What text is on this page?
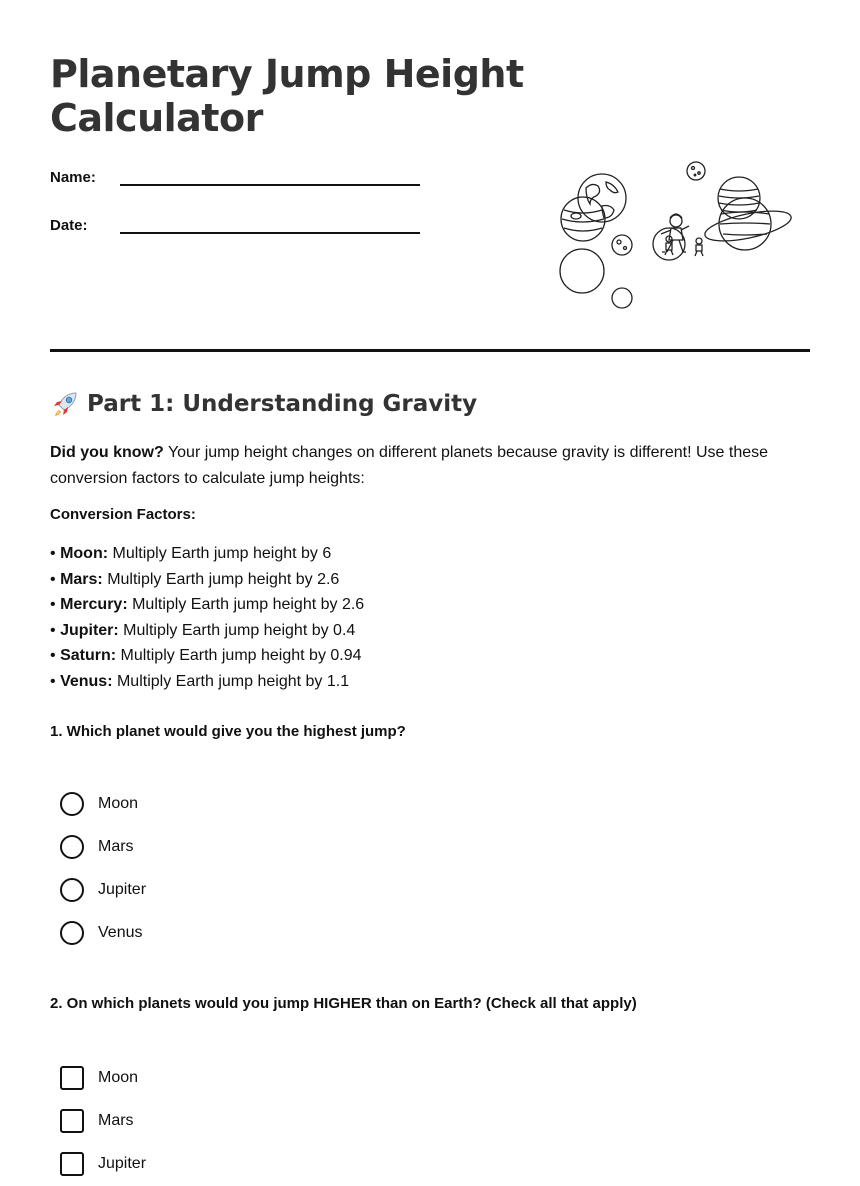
Planetary Jump Height Calculator
Name:
Date:
Part 1: Understanding Gravity

Did you know? Your jump height changes on different planets because gravity is different! Use these conversion factors to calculate jump heights:

Conversion Factors:

• Moon: Multiply Earth jump height by 6
• Mars: Multiply Earth jump height by 2.6
• Mercury: Multiply Earth jump height by 2.6
• Jupiter: Multiply Earth jump height by 0.4
• Saturn: Multiply Earth jump height by 0.94
• Venus: Multiply Earth jump height by 1.1

1. Which planet would give you the highest jump?

Moon
Mars
Jupiter
Venus

2. On which planets would you jump HIGHER than on Earth? (Check all that apply)

Moon
Mars
Jupiter
